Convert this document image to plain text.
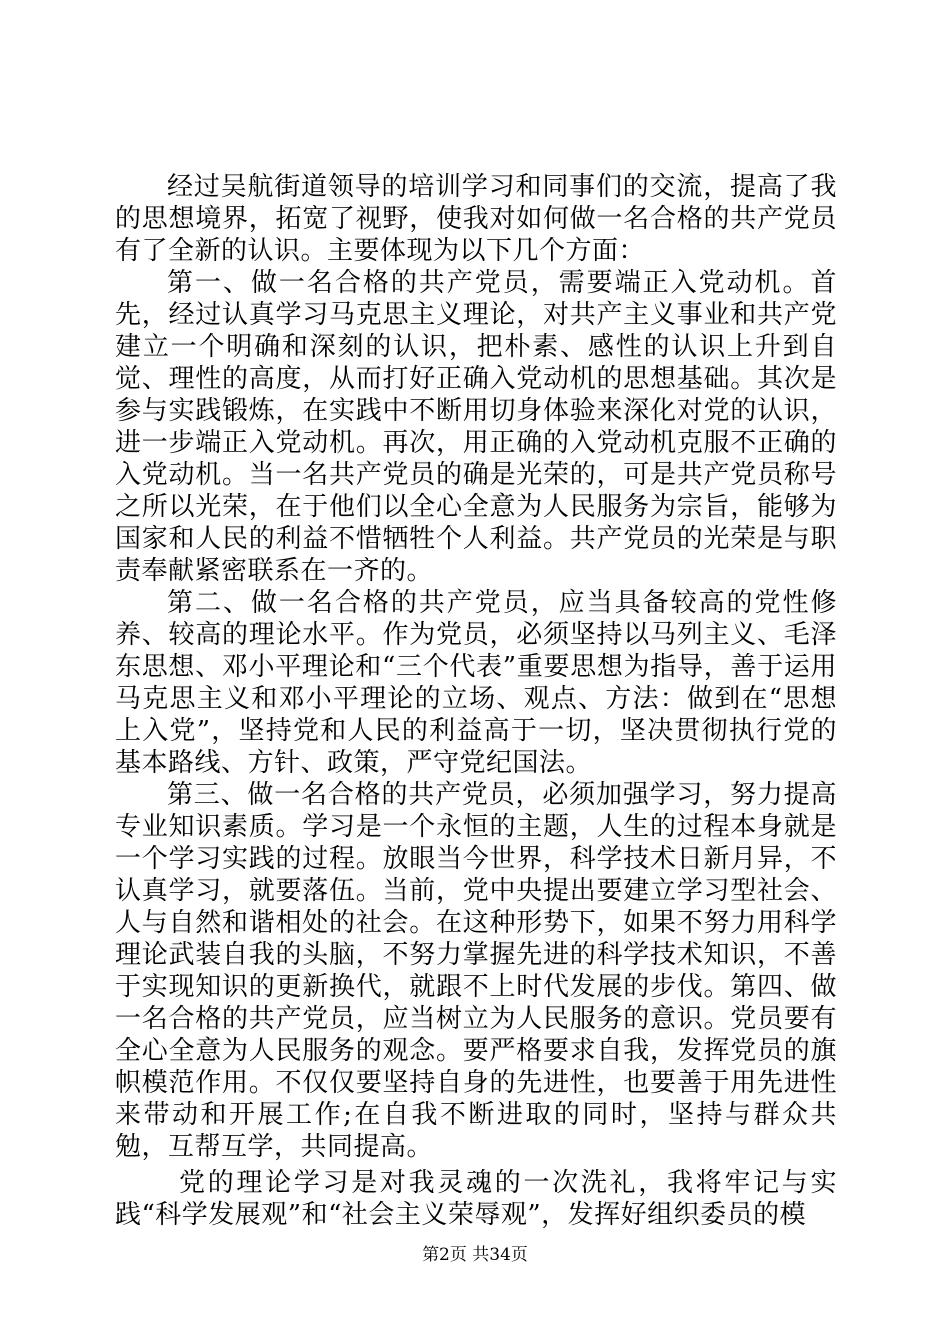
经过吴航街道领导的培训学习和同事们的交流，提高了我的思想境界，拓宽了视野，使我对如何做一名合格的共产党员有了全新的认识。主要体现为以下几个方面：

第一、做一名合格的共产党员，需要端正入党动机。首先，经过认真学习马克思主义理论，对共产主义事业和共产党建立一个明确和深刻的认识，把朴素、感性的认识上升到自觉、理性的高度，从而打好正确入党动机的思想基础。其次是参与实践锻炼，在实践中不断用切身体验来深化对党的认识，进一步端正入党动机。再次，用正确的入党动机克服不正确的入党动机。当一名共产党员的确是光荣的，可是共产党员称号之所以光荣，在于他们以全心全意为人民服务为宗旨，能够为国家和人民的利益不惜牺牲个人利益。共产党员的光荣是与职责奉献紧密联系在一齐的。

第二、做一名合格的共产党员，应当具备较高的党性修养、较高的理论水平。作为党员，必须坚持以马列主义、毛泽东思想、邓小平理论和“三个代表”重要思想为指导，善于运用马克思主义和邓小平理论的立场、观点、方法：做到在“思想上入党”，坚持党和人民的利益高于一切，坚决贯彻执行党的基本路线、方针、政策，严守党纪国法。

第三、做一名合格的共产党员，必须加强学习，努力提高专业知识素质。学习是一个永恒的主题，人生的过程本身就是一个学习实践的过程。放眼当今世界，科学技术日新月异，不认真学习，就要落伍。当前，党中央提出要建立学习型社会、人与自然和谐相处的社会。在这种形势下，如果不努力用科学理论武装自我的头脑，不努力掌握先进的科学技术知识，不善于实现知识的更新换代，就跟不上时代发展的步伐。第四、做一名合格的共产党员，应当树立为人民服务的意识。党员要有全心全意为人民服务的观念。要严格要求自我，发挥党员的旗帜模范作用。不仅仅要坚持自身的先进性，也要善于用先进性来带动和开展工作;在自我不断进取的同时，坚持与群众共勉，互帮互学，共同提高。

党的理论学习是对我灵魂的一次洗礼，我将牢记与实践“科学发展观”和“社会主义荣辱观”，发挥好组织委员的模

第2页 共34页
